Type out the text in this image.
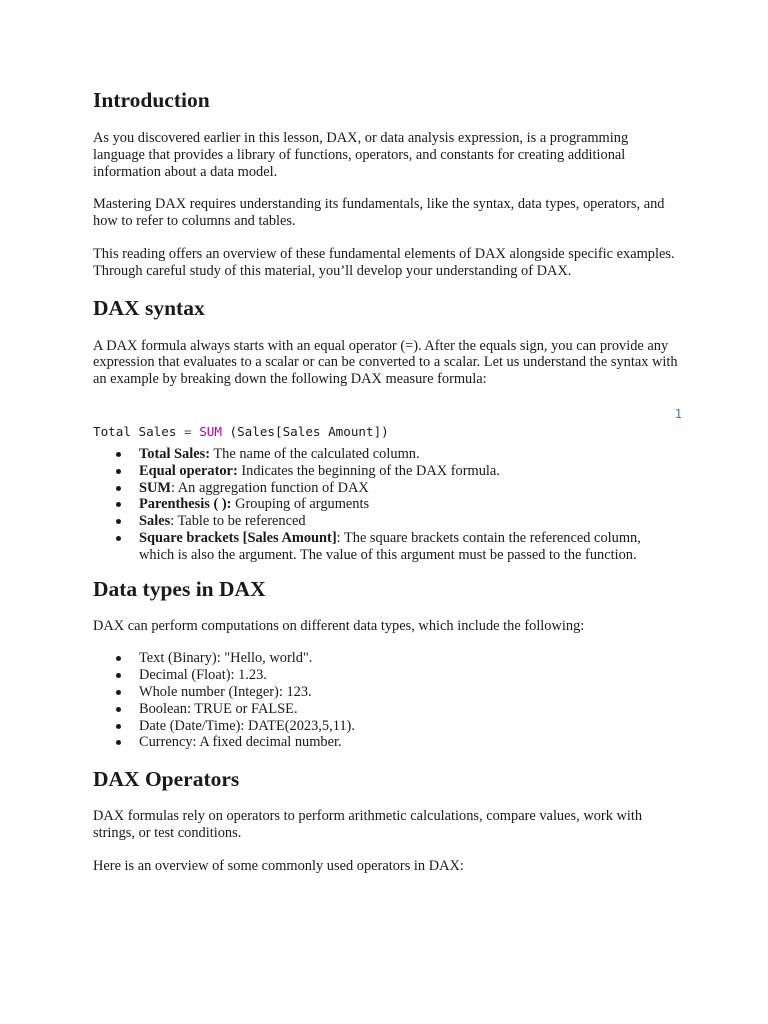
Introduction

As you discovered earlier in this lesson, DAX, or data analysis expression, is a programming language that provides a library of functions, operators, and constants for creating additional information about a data model.

Mastering DAX requires understanding its fundamentals, like the syntax, data types, operators, and how to refer to columns and tables.

This reading offers an overview of these fundamental elements of DAX alongside specific examples. Through careful study of this material, you’ll develop your understanding of DAX.

DAX syntax

A DAX formula always starts with an equal operator (=). After the equals sign, you can provide any expression that evaluates to a scalar or can be converted to a scalar. Let us understand the syntax with an example by breaking down the following DAX measure formula:

1
Total Sales = SUM (Sales[Sales Amount])
Total Sales: The name of the calculated column.
Equal operator: Indicates the beginning of the DAX formula.
SUM: An aggregation function of DAX
Parenthesis ( ): Grouping of arguments
Sales: Table to be referenced
Square brackets [Sales Amount]: The square brackets contain the referenced column, which is also the argument. The value of this argument must be passed to the function.
Data types in DAX

DAX can perform computations on different data types, which include the following:

Text (Binary): "Hello, world".
Decimal (Float): 1.23.
Whole number (Integer): 123.
Boolean: TRUE or FALSE.
Date (Date/Time): DATE(2023,5,11).
Currency: A fixed decimal number.
DAX Operators

DAX formulas rely on operators to perform arithmetic calculations, compare values, work with strings, or test conditions.

Here is an overview of some commonly used operators in DAX:
